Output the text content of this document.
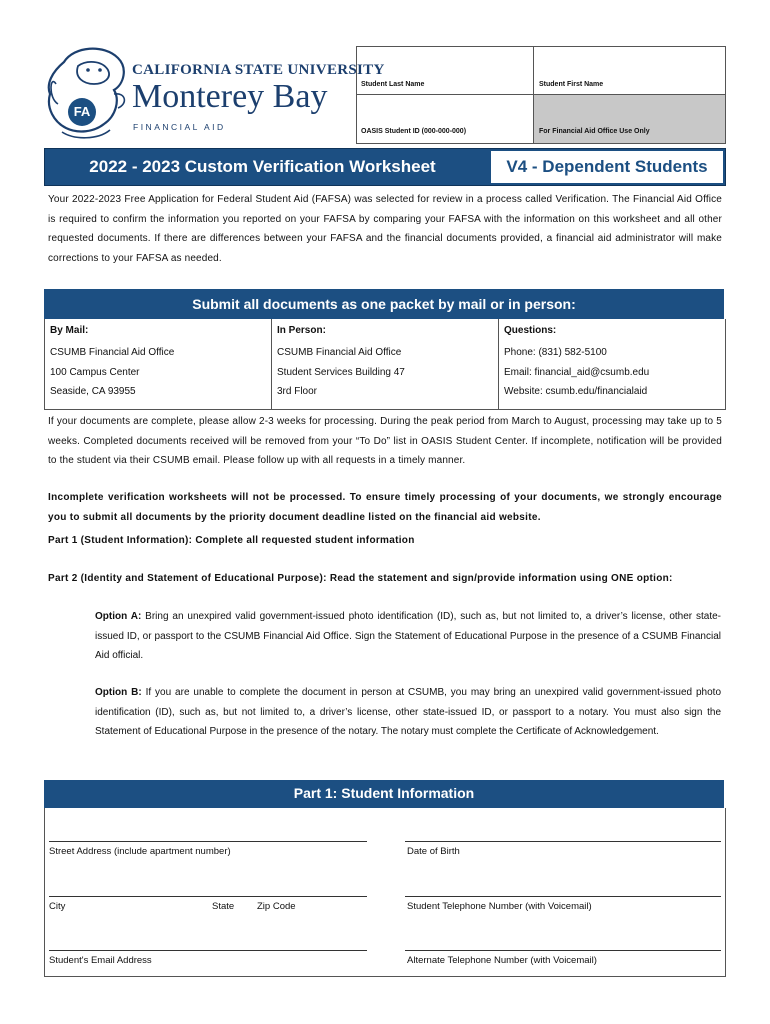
FA
CALIFORNIA STATE UNIVERSITY
Monterey Bay
FINANCIAL AID
Student Last Name	Student First Name
OASIS Student ID (000-000-000)	For Financial Aid Office Use Only
2022 - 2023 Custom Verification Worksheet	V4 - Dependent Students
Your 2022-2023 Free Application for Federal Student Aid (FAFSA) was selected for review in a process called Verification. The Financial Aid Office is required to confirm the information you reported on your FAFSA by comparing your FAFSA with the information on this worksheet and all other requested documents. If there are differences between your FAFSA and the financial documents provided, a financial aid administrator will make corrections to your FAFSA as needed.
Submit all documents as one packet by mail or in person:
By Mail:
CSUMB Financial Aid Office
100 Campus Center
Seaside, CA 93955
In Person:
CSUMB Financial Aid Office
Student Services Building 47
3rd Floor
Questions:
Phone: (831) 582-5100
Email: financial_aid@csumb.edu
Website: csumb.edu/financialaid
If your documents are complete, please allow 2-3 weeks for processing. During the peak period from March to August, processing may take up to 5 weeks. Completed documents received will be removed from your “To Do” list in OASIS Student Center. If incomplete, notification will be provided to the student via their CSUMB email. Please follow up with all requests in a timely manner.
Incomplete verification worksheets will not be processed. To ensure timely processing of your documents, we strongly encourage you to submit all documents by the priority document deadline listed on the financial aid website.
Part 1 (Student Information): Complete all requested student information
Part 2 (Identity and Statement of Educational Purpose): Read the statement and sign/provide information using ONE option:
Option A: Bring an unexpired valid government-issued photo identification (ID), such as, but not limited to, a driver’s license, other state-issued ID, or passport to the CSUMB Financial Aid Office. Sign the Statement of Educational Purpose in the presence of a CSUMB Financial Aid official.
Option B: If you are unable to complete the document in person at CSUMB, you may bring an unexpired valid government-issued photo identification (ID), such as, but not limited to, a driver’s license, other state-issued ID, or passport to a notary. You must also sign the Statement of Educational Purpose in the presence of the notary. The notary must complete the Certificate of Acknowledgement.
Part 1: Student Information
Street Address (include apartment number)	Date of Birth
City	State Zip Code	Student Telephone Number (with Voicemail)
Student's Email Address	Alternate Telephone Number (with Voicemail)
